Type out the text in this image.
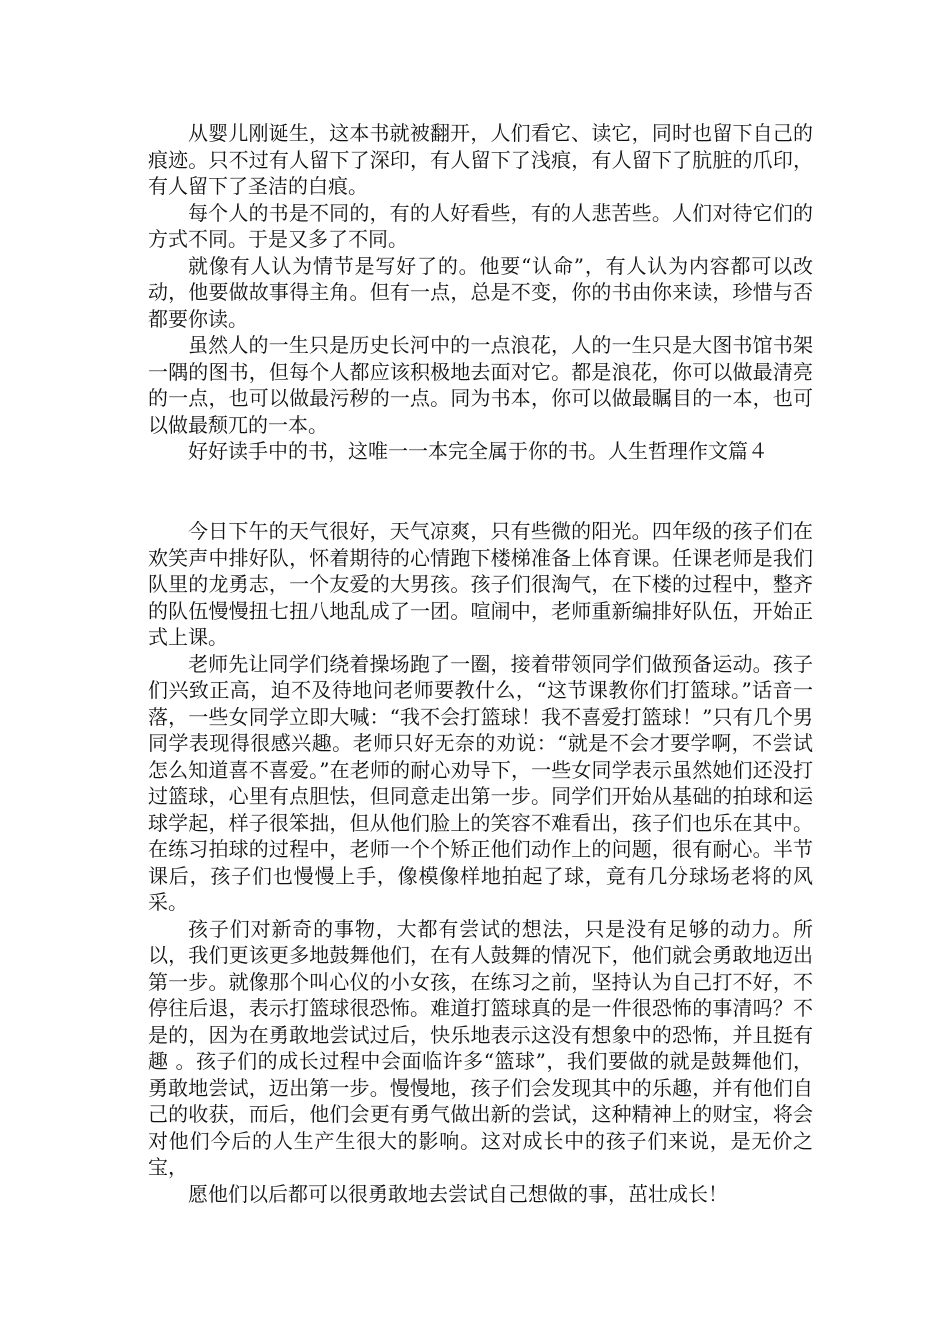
从婴儿刚诞生，这本书就被翻开，人们看它、读它，同时也留下自己的痕迹。只不过有人留下了深印，有人留下了浅痕，有人留下了肮脏的爪印，有人留下了圣洁的白痕。

每个人的书是不同的，有的人好看些，有的人悲苦些。人们对待它们的方式不同。于是又多了不同。

就像有人认为情节是写好了的。他要“认命”，有人认为内容都可以改动，他要做故事得主角。但有一点，总是不变，你的书由你来读，珍惜与否都要你读。

虽然人的一生只是历史长河中的一点浪花，人的一生只是大图书馆书架一隅的图书，但每个人都应该积极地去面对它。都是浪花，你可以做最清亮的一点，也可以做最污秽的一点。同为书本，你可以做最瞩目的一本，也可以做最颓兀的一本。

好好读手中的书，这唯一一本完全属于你的书。人生哲理作文篇４

今日下午的天气很好，天气凉爽，只有些微的阳光。四年级的孩子们在欢笑声中排好队，怀着期待的心情跑下楼梯准备上体育课。任课老师是我们队里的龙勇志，一个友爱的大男孩。孩子们很淘气，在下楼的过程中，整齐的队伍慢慢扭七扭八地乱成了一团。喧闹中，老师重新编排好队伍，开始正式上课。

老师先让同学们绕着操场跑了一圈，接着带领同学们做预备运动。孩子们兴致正高，迫不及待地问老师要教什么，“这节课教你们打篮球。”话音一落，一些女同学立即大喊：“我不会打篮球！我不喜爱打篮球！”只有几个男同学表现得很感兴趣。老师只好无奈的劝说：“就是不会才要学啊，不尝试怎么知道喜不喜爱。”在老师的耐心劝导下，一些女同学表示虽然她们还没打过篮球，心里有点胆怯，但同意走出第一步。同学们开始从基础的拍球和运球学起，样子很笨拙，但从他们脸上的笑容不难看出，孩子们也乐在其中。在练习拍球的过程中，老师一个个矫正他们动作上的问题，很有耐心。半节课后，孩子们也慢慢上手，像模像样地拍起了球，竟有几分球场老将的风采。

孩子们对新奇的事物，大都有尝试的想法，只是没有足够的动力。所以，我们更该更多地鼓舞他们，在有人鼓舞的情况下，他们就会勇敢地迈出第一步。就像那个叫心仪的小女孩，在练习之前，坚持认为自己打不好，不停往后退，表示打篮球很恐怖。难道打篮球真的是一件很恐怖的事清吗？不是的，因为在勇敢地尝试过后，快乐地表示这没有想象中的恐怖，并且挺有趣 。孩子们的成长过程中会面临许多“篮球”，我们要做的就是鼓舞他们，勇敢地尝试，迈出第一步。慢慢地，孩子们会发现其中的乐趣，并有他们自己的收获，而后，他们会更有勇气做出新的尝试，这种精神上的财宝，将会对他们今后的人生产生很大的影响。这对成长中的孩子们来说，是无价之宝，

愿他们以后都可以很勇敢地去尝试自己想做的事，茁壮成长！
